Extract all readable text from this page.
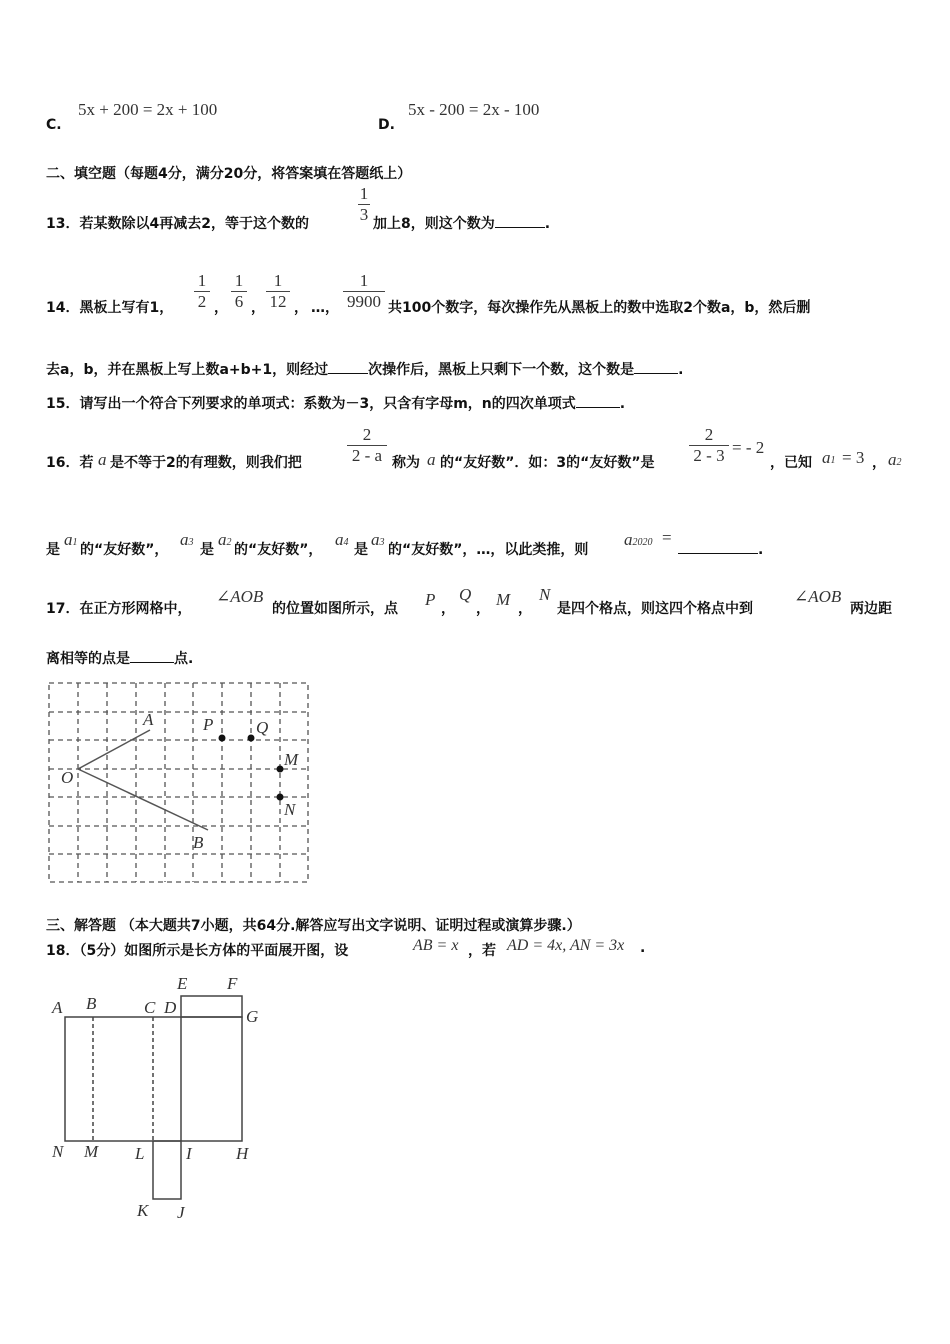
C.
5x + 200 = 2x + 100
D.
5x - 200 = 2x - 100
二、填空题（每题4分，满分20分，将答案填在答题纸上）
13．若某数除以4再减去2，等于这个数的
1
3 加上8，则这个数为	.
14．黑板上写有1，
1
2 ，
1
6 ，
1
12 ， …，
1
9900 共100个数字，每次操作先从黑板上的数中选取2个数a，b，然后删
去a，b，并在黑板上写上数a+b+1，则经过	次操作后，黑板上只剩下一个数，这个数是	.
15．请写出一个符合下列要求的单项式：系数为－3，只含有字母m，n的四次单项式	.
16．若 a 是不等于2的有理数，则我们把
2
2 - a 称为 a 的“友好数”．如：3的“友好数”是
2
2 - 3 = - 2
，已知 a1 = 3 ， a2
是
a1 的“友好数”，
a3 是
a2 的“友好数”，
a4 是
a3 的“友好数”，…，以此类推，则
a2020 =
.
17．在正方形网格中，
∠AOB
的位置如图所示，点 P ，
Q
， M ，
N
是四个格点，则这四个格点中到
∠AOB
两边距
离相等的点是	点.
A
O
B
P	Q
M
N
三、解答题 （本大题共7小题，共64分.解答应写出文字说明、证明过程或演算步骤.）
18．（5分）如图所示是长方体的平面展开图，设	AB = x ，若 AD = 4x, AN = 3x .
A B	C D
E F
G
N M L I	H
K J
